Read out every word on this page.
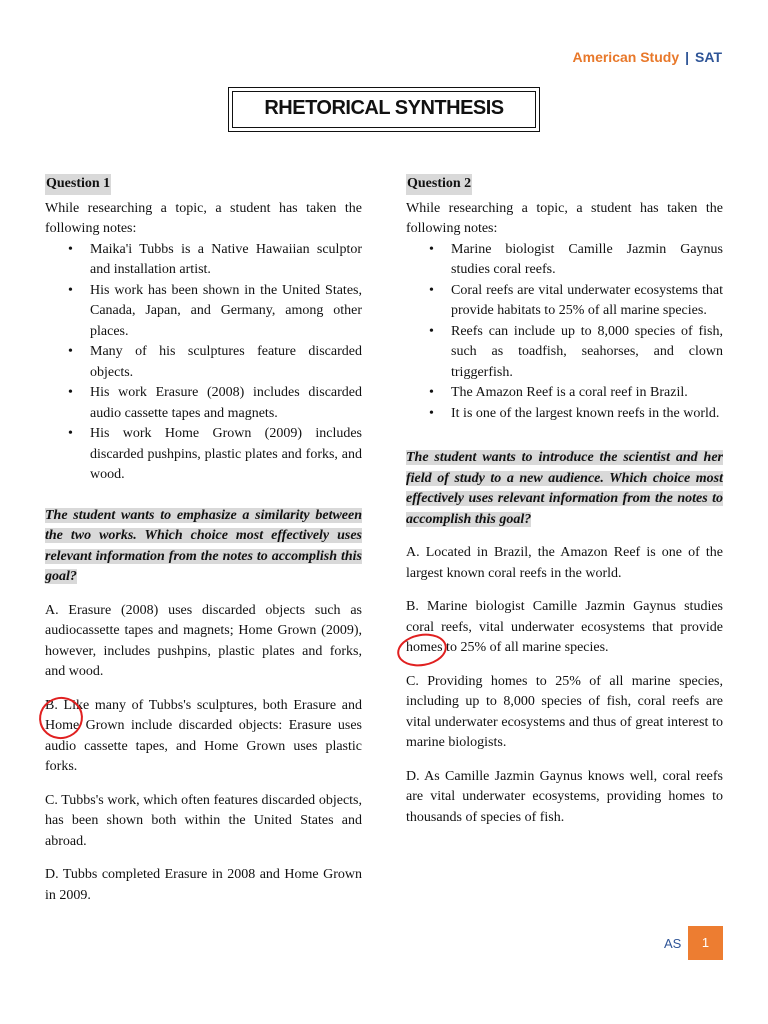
American Study | SAT
RHETORICAL SYNTHESIS
Question 1

While researching a topic, a student has taken the following notes:

• Maika'i Tubbs is a Native Hawaiian sculptor and installation artist.
• His work has been shown in the United States, Canada, Japan, and Germany, among other places.
• Many of his sculptures feature discarded objects.
• His work Erasure (2008) includes discarded audio cassette tapes and magnets.
• His work Home Grown (2009) includes discarded pushpins, plastic plates and forks, and wood.

The student wants to emphasize a similarity between the two works. Which choice most effectively uses relevant information from the notes to accomplish this goal?

A. Erasure (2008) uses discarded objects such as audiocassette tapes and magnets; Home Grown (2009), however, includes pushpins, plastic plates and forks, and wood.

B. Like many of Tubbs's sculptures, both Erasure and Home Grown include discarded objects: Erasure uses audio cassette tapes, and Home Grown uses plastic forks.

C. Tubbs's work, which often features discarded objects, has been shown both within the United States and abroad.

D. Tubbs completed Erasure in 2008 and Home Grown in 2009.

Question 2

While researching a topic, a student has taken the following notes:

• Marine biologist Camille Jazmin Gaynus studies coral reefs.
• Coral reefs are vital underwater ecosystems that provide habitats to 25% of all marine species.
• Reefs can include up to 8,000 species of fish, such as toadfish, seahorses, and clown triggerfish.
• The Amazon Reef is a coral reef in Brazil.
• It is one of the largest known reefs in the world.

The student wants to introduce the scientist and her field of study to a new audience. Which choice most effectively uses relevant information from the notes to accomplish this goal?

A. Located in Brazil, the Amazon Reef is one of the largest known coral reefs in the world.

B. Marine biologist Camille Jazmin Gaynus studies coral reefs, vital underwater ecosystems that provide homes to 25% of all marine species.

C. Providing homes to 25% of all marine species, including up to 8,000 species of fish, coral reefs are vital underwater ecosystems and thus of great interest to marine biologists.

D. As Camille Jazmin Gaynus knows well, coral reefs are vital underwater ecosystems, providing homes to thousands of species of fish.

AS	1
